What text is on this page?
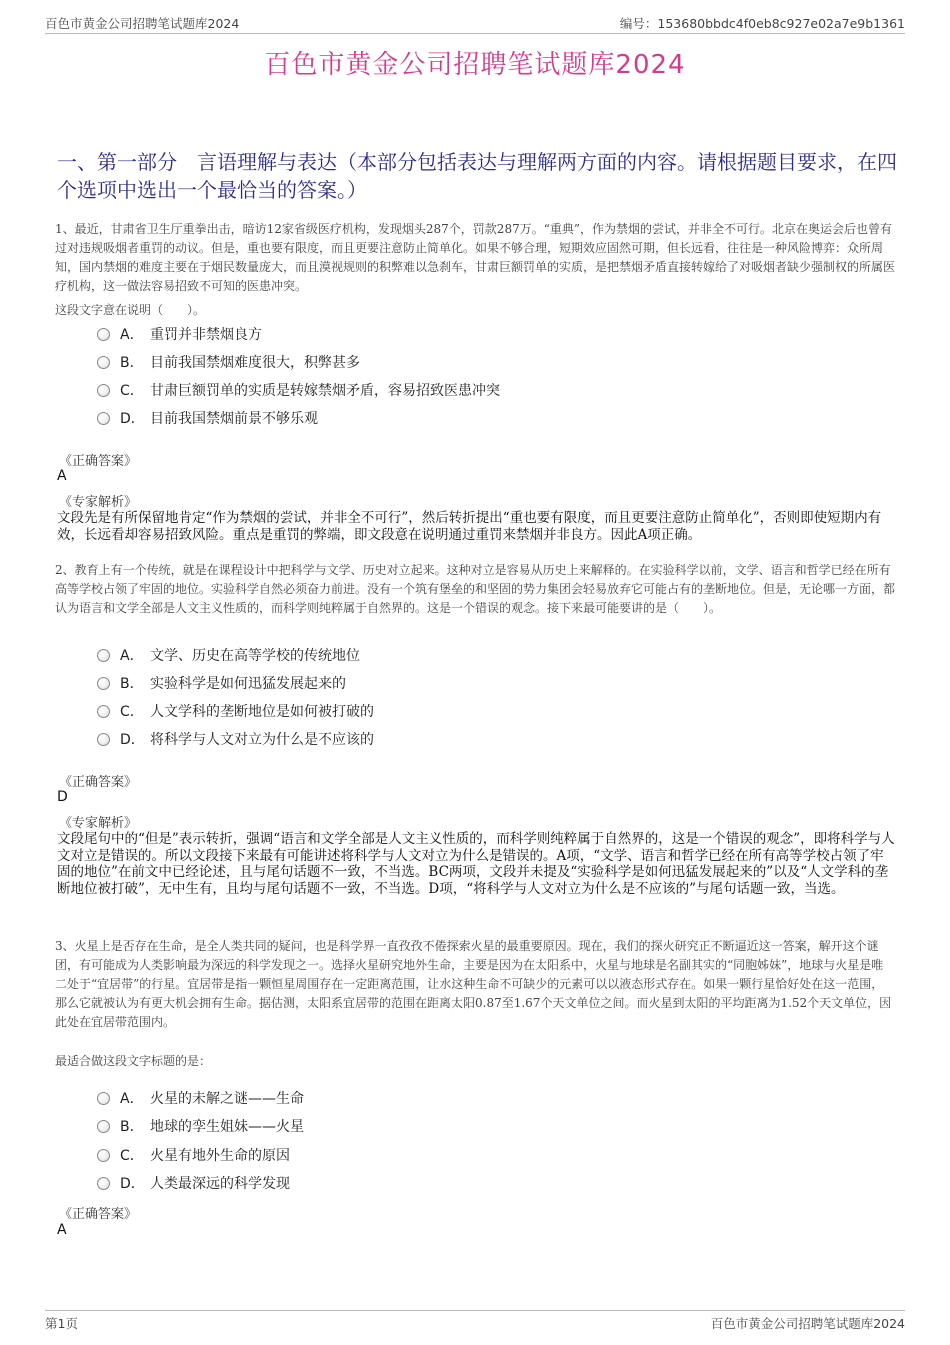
百色市黄金公司招聘笔试题库2024	编号：153680bbdc4f0eb8c927e02a7e9b1361
百色市黄金公司招聘笔试题库2024
一、第一部分　言语理解与表达（本部分包括表达与理解两方面的内容。请根据题目要求，在四个选项中选出一个最恰当的答案。）
1、最近，甘肃省卫生厅重拳出击，暗访12家省级医疗机构，发现烟头287个，罚款287万。“重典”，作为禁烟的尝试，并非全不可行。北京在奥运会后也曾有过对违规吸烟者重罚的动议。但是，重也要有限度，而且更要注意防止简单化。如果不够合理，短期效应固然可期，但长远看，往往是一种风险博弈：众所周知，国内禁烟的难度主要在于烟民数量庞大，而且漠视规则的积弊难以急刹车，甘肃巨额罚单的实质，是把禁烟矛盾直接转嫁给了对吸烟者缺少强制权的所属医疗机构，这一做法容易招致不可知的医患冲突。
这段文字意在说明（　　）。
A． 重罚并非禁烟良方
B． 目前我国禁烟难度很大，积弊甚多
C． 甘肃巨额罚单的实质是转嫁禁烟矛盾，容易招致医患冲突
D． 目前我国禁烟前景不够乐观
《正确答案》
A
《专家解析》
文段先是有所保留地肯定“作为禁烟的尝试，并非全不可行”，然后转折提出“重也要有限度，而且更要注意防止简单化”，否则即使短期内有效，长远看却容易招致风险。重点是重罚的弊端，即文段意在说明通过重罚来禁烟并非良方。因此A项正确。
2、教育上有一个传统，就是在课程设计中把科学与文学、历史对立起来。这种对立是容易从历史上来解释的。在实验科学以前，文学、语言和哲学已经在所有高等学校占领了牢固的地位。实验科学自然必须奋力前进。没有一个筑有堡垒的和坚固的势力集团会轻易放弃它可能占有的垄断地位。但是，无论哪一方面，都认为语言和文学全部是人文主义性质的，而科学则纯粹属于自然界的。这是一个错误的观念。接下来最可能要讲的是（　　）。
A． 文学、历史在高等学校的传统地位
B． 实验科学是如何迅猛发展起来的
C． 人文学科的垄断地位是如何被打破的
D． 将科学与人文对立为什么是不应该的
《正确答案》
D
《专家解析》
文段尾句中的“但是”表示转折，强调“语言和文学全部是人文主义性质的，而科学则纯粹属于自然界的，这是一个错误的观念”，即将科学与人文对立是错误的。所以文段接下来最有可能讲述将科学与人文对立为什么是错误的。A项，“文学、语言和哲学已经在所有高等学校占领了牢固的地位”在前文中已经论述，且与尾句话题不一致，不当选。BC两项，文段并未提及“实验科学是如何迅猛发展起来的”以及“人文学科的垄断地位被打破”，无中生有，且均与尾句话题不一致，不当选。D项，“将科学与人文对立为什么是不应该的”与尾句话题一致，当选。
3、火星上是否存在生命，是全人类共同的疑问，也是科学界一直孜孜不倦探索火星的最重要原因。现在，我们的探火研究正不断逼近这一答案，解开这个谜团，有可能成为人类影响最为深远的科学发现之一。选择火星研究地外生命，主要是因为在太阳系中，火星与地球是名副其实的“同胞姊妹”，地球与火星是唯二处于“宜居带”的行星。宜居带是指一颗恒星周围存在一定距离范围，让水这种生命不可缺少的元素可以以液态形式存在。如果一颗行星恰好处在这一范围，那么它就被认为有更大机会拥有生命。据估测，太阳系宜居带的范围在距离太阳0.87至1.67个天文单位之间。而火星到太阳的平均距离为1.52个天文单位，因此处在宜居带范围内。
最适合做这段文字标题的是：
A． 火星的未解之谜——生命
B． 地球的孪生姐妹——火星
C． 火星有地外生命的原因
D． 人类最深远的科学发现
《正确答案》
A
第1页	百色市黄金公司招聘笔试题库2024
